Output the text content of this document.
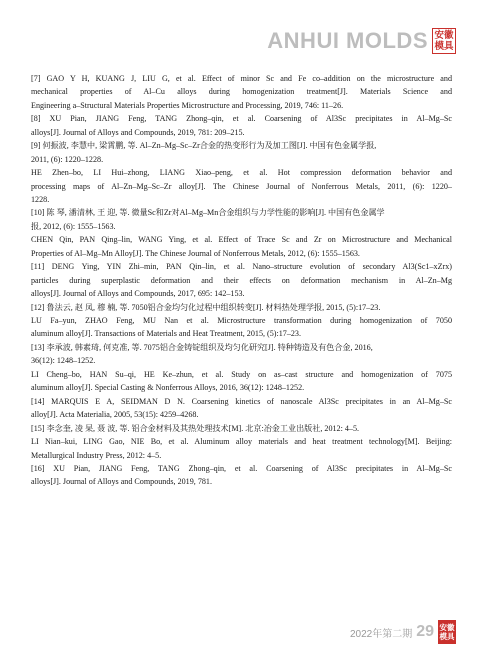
ANHUI MOLDS 安徽
模具
[7] GAO Y H, KUANG J, LIU G, et al. Effect of minor Sc and Fe co–addition on the microstructure and
mechanical properties of Al–Cu alloys during homogenization treatment[J]. Materials Science and
Engineering a–Structural Materials Properties Microstructure and Processing, 2019, 746: 11–26.
[8] XU Pian, JIANG Feng, TANG Zhong–qin, et al. Coarsening of Al3Sc precipitates in Al–Mg–Sc
alloys[J]. Journal of Alloys and Compounds, 2019, 781: 209–215.
[9] 何振波, 李慧中, 梁霄鹏, 等. Al–Zn–Mg–Sc–Zr合金的热变形行为及加工图[J]. 中国有色金属学报,
2011, (6): 1220–1228.
HE Zhen–bo, LI Hui–zhong, LIANG Xiao–peng, et al. Hot compression deformation behavior and
processing maps of Al–Zn–Mg–Sc–Zr alloy[J]. The Chinese Journal of Nonferrous Metals, 2011, (6): 1220–
1228.
[10] 陈 琴, 潘清林, 王 迎, 等. 微量Sc和Zr对Al–Mg–Mn合金组织与力学性能的影响[J]. 中国有色金属学
报, 2012, (6): 1555–1563.
CHEN Qin, PAN Qing–lin, WANG Ying, et al. Effect of Trace Sc and Zr on Microstructure and Mechanical
Properties of Al–Mg–Mn Alloy[J]. The Chinese Journal of Nonferrous Metals, 2012, (6): 1555–1563.
[11] DENG Ying, YIN Zhi–min, PAN Qin–lin, et al. Nano–structure evolution of secondary Al3(Sc1–xZrx)
particles during superplastic deformation and their effects on deformation mechanism in Al–Zn–Mg
alloys[J]. Journal of Alloys and Compounds, 2017, 695: 142–153.
[12] 鲁法云, 赵 凤, 穆 楠, 等. 7050铝合金均匀化过程中组织转变[J]. 材料热处理学报, 2015, (5):17–23.
LU Fa–yun, ZHAO Feng, MU Nan et al. Microstructure transformation during homogenization of 7050
aluminum alloy[J]. Transactions of Materials and Heat Treatment, 2015, (5):17–23.
[13] 李承波, 韩素琦, 何克准, 等. 7075铝合金铸锭组织及均匀化研究[J]. 特种铸造及有色合金, 2016,
36(12): 1248–1252.
LI Cheng–bo, HAN Su–qi, HE Ke–zhun, et al. Study on as–cast structure and homogenization of 7075
aluminum alloy[J]. Special Casting & Nonferrous Alloys, 2016, 36(12): 1248–1252.
[14] MARQUIS E A, SEIDMAN D N. Coarsening kinetics of nanoscale Al3Sc precipitates in an Al–Mg–Sc
alloy[J]. Acta Materialia, 2005, 53(15): 4259–4268.
[15] 李念奎, 凌 杲, 聂 波, 等. 铝合金材料及其热处理技术[M]. 北京:冶金工业出版社, 2012: 4–5.
LI Nian–kui, LING Gao, NIE Bo, et al. Aluminum alloy materials and heat treatment technology[M]. Beijing:
Metallurgical Industry Press, 2012: 4–5.
[16] XU Pian, JIANG Feng, TANG Zhong–qin, et al. Coarsening of Al3Sc precipitates in Al–Mg–Sc
alloys[J]. Journal of Alloys and Compounds, 2019, 781.
2022年第二期 29 安徽
模具
